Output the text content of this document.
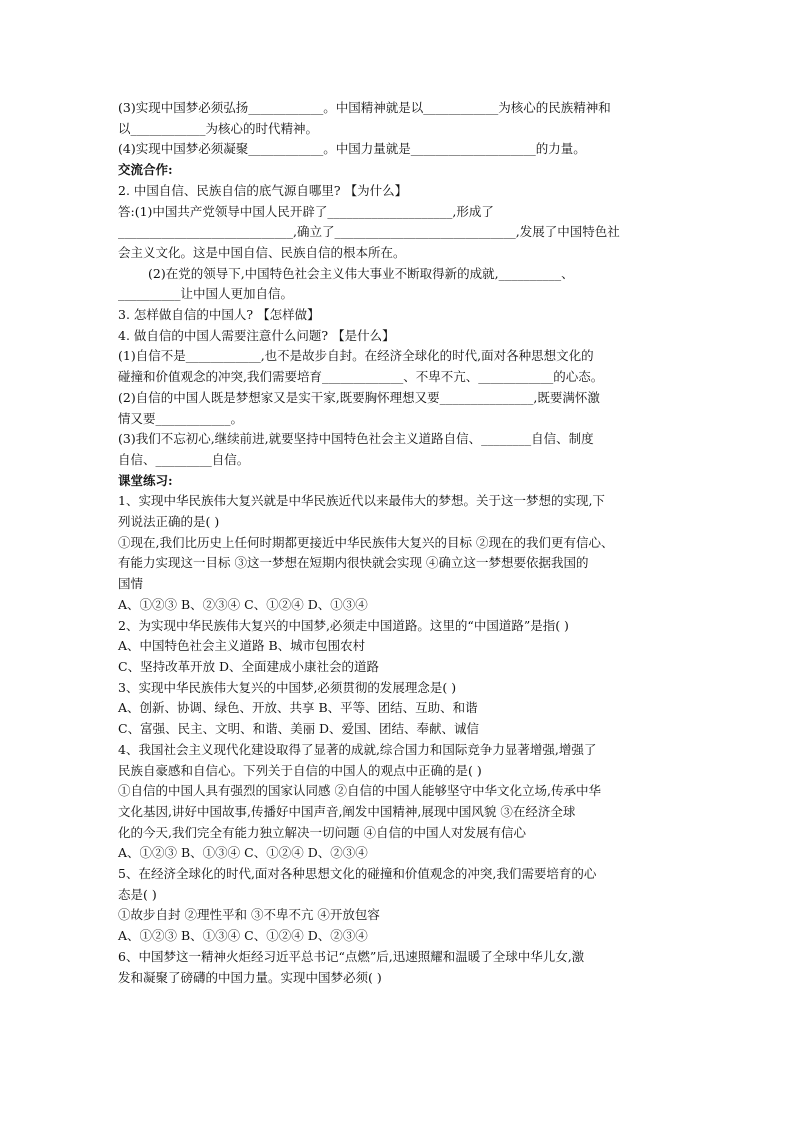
(3)实现中国梦必须弘扬____________。中国精神就是以____________为核心的民族精神和
以____________为核心的时代精神。
(4)实现中国梦必须凝聚____________。中国力量就是____________________的力量。
交流合作:
2. 中国自信、民族自信的底气源自哪里? 【为什么】
答:(1)中国共产党领导中国人民开辟了____________________,形成了
____________________________,确立了_____________________________,发展了中国特色社
会主义文化。这是中国自信、民族自信的根本所在。
(2)在党的领导下,中国特色社会主义伟大事业不断取得新的成就,__________、
__________让中国人更加自信。
3. 怎样做自信的中国人? 【怎样做】
4. 做自信的中国人需要注意什么问题? 【是什么】
(1)自信不是____________,也不是故步自封。在经济全球化的时代,面对各种思想文化的
碰撞和价值观念的冲突,我们需要培育_____________、不卑不亢、____________的心态。
(2)自信的中国人既是梦想家又是实干家,既要胸怀理想又要_______________,既要满怀激
情又要____________。
(3)我们不忘初心,继续前进,就要坚持中国特色社会主义道路自信、________自信、制度
自信、_________自信。
课堂练习:
1、实现中华民族伟大复兴就是中华民族近代以来最伟大的梦想。关于这一梦想的实现,下
列说法正确的是( )
①现在,我们比历史上任何时期都更接近中华民族伟大复兴的目标 ②现在的我们更有信心、
有能力实现这一目标 ③这一梦想在短期内很快就会实现 ④确立这一梦想要依据我国的
国情
A、①②③ B、②③④ C、①②④ D、①③④
2、为实现中华民族伟大复兴的中国梦,必须走中国道路。这里的“中国道路”是指( )
A、中国特色社会主义道路 B、城市包围农村
C、坚持改革开放 D、全面建成小康社会的道路
3、实现中华民族伟大复兴的中国梦,必须贯彻的发展理念是( )
A、创新、协调、绿色、开放、共享 B、平等、团结、互助、和谐
C、富强、民主、文明、和谐、美丽 D、爱国、团结、奉献、诚信
4、我国社会主义现代化建设取得了显著的成就,综合国力和国际竞争力显著增强,增强了
民族自豪感和自信心。下列关于自信的中国人的观点中正确的是( )
①自信的中国人具有强烈的国家认同感 ②自信的中国人能够坚守中华文化立场,传承中华
文化基因,讲好中国故事,传播好中国声音,阐发中国精神,展现中国风貌 ③在经济全球
化的今天,我们完全有能力独立解决一切问题 ④自信的中国人对发展有信心
A、①②③ B、①③④ C、①②④ D、②③④
5、在经济全球化的时代,面对各种思想文化的碰撞和价值观念的冲突,我们需要培育的心
态是( )
①故步自封 ②理性平和 ③不卑不亢 ④开放包容
A、①②③ B、①③④ C、①②④ D、②③④
6、中国梦这一精神火炬经习近平总书记“点燃”后,迅速照耀和温暖了全球中华儿女,激
发和凝聚了磅礴的中国力量。实现中国梦必须( )
